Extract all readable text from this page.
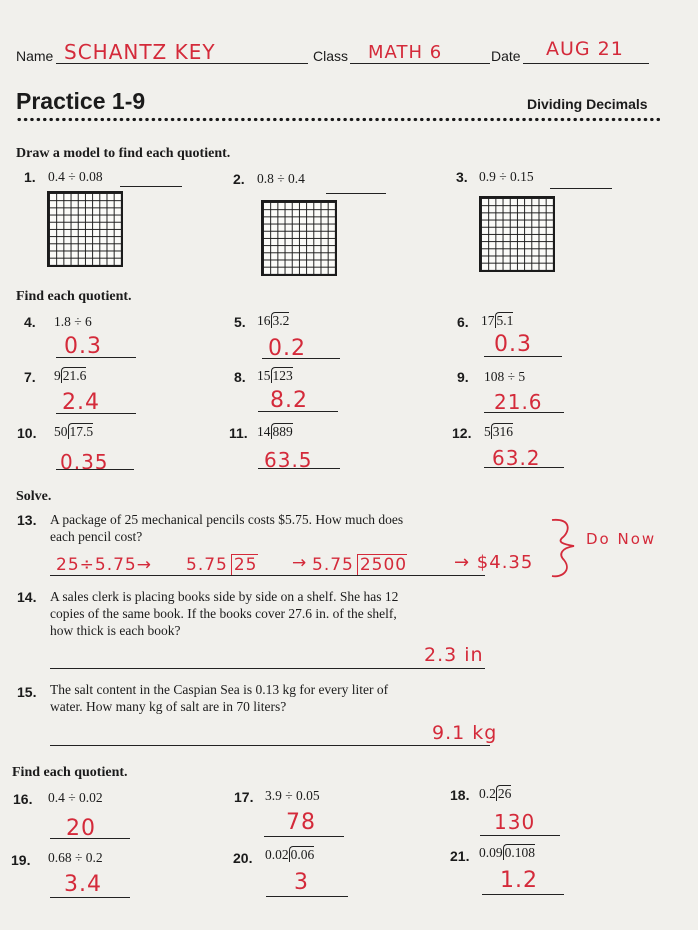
Name SCHANTZ KEY	Class MATH 6	Date AUG 21
Practice 1-9	Dividing Decimals
Draw a model to find each quotient.
1. 0.4 ÷ 0.08	2. 0.8 ÷ 0.4	3. 0.9 ÷ 0.15
Find each quotient.
4. 1.8 ÷ 6
0.3
5. 16 3.2
0.2
6. 17 5.1
0.3
7. 9 21.6
2.4
8. 15 123
8.2
9. 108 ÷ 5
21.6
10. 50 17.5
0.35
11. 14 889
63.5
12. 5 316
63.2
Solve.
13. A package of 25 mechanical pencils costs $5.75. How much does
each pencil cost?
25÷5.75→ 5.75 25 → 5.75 2500	→ $4.35
Do Now
14. A sales clerk is placing books side by side on a shelf. She has 12
copies of the same book. If the books cover 27.6 in. of the shelf,
how thick is each book?
2.3 in
15. The salt content in the Caspian Sea is 0.13 kg for every liter of
water. How many kg of salt are in 70 liters?
9.1 kg
Find each quotient.
16. 0.4 ÷ 0.02
20
17. 3.9 ÷ 0.05
78
18. 0.2 26
130
19. 0.68 ÷ 0.2
3.4
20. 0.02 0.06
3
21. 0.09 0.108
1.2
